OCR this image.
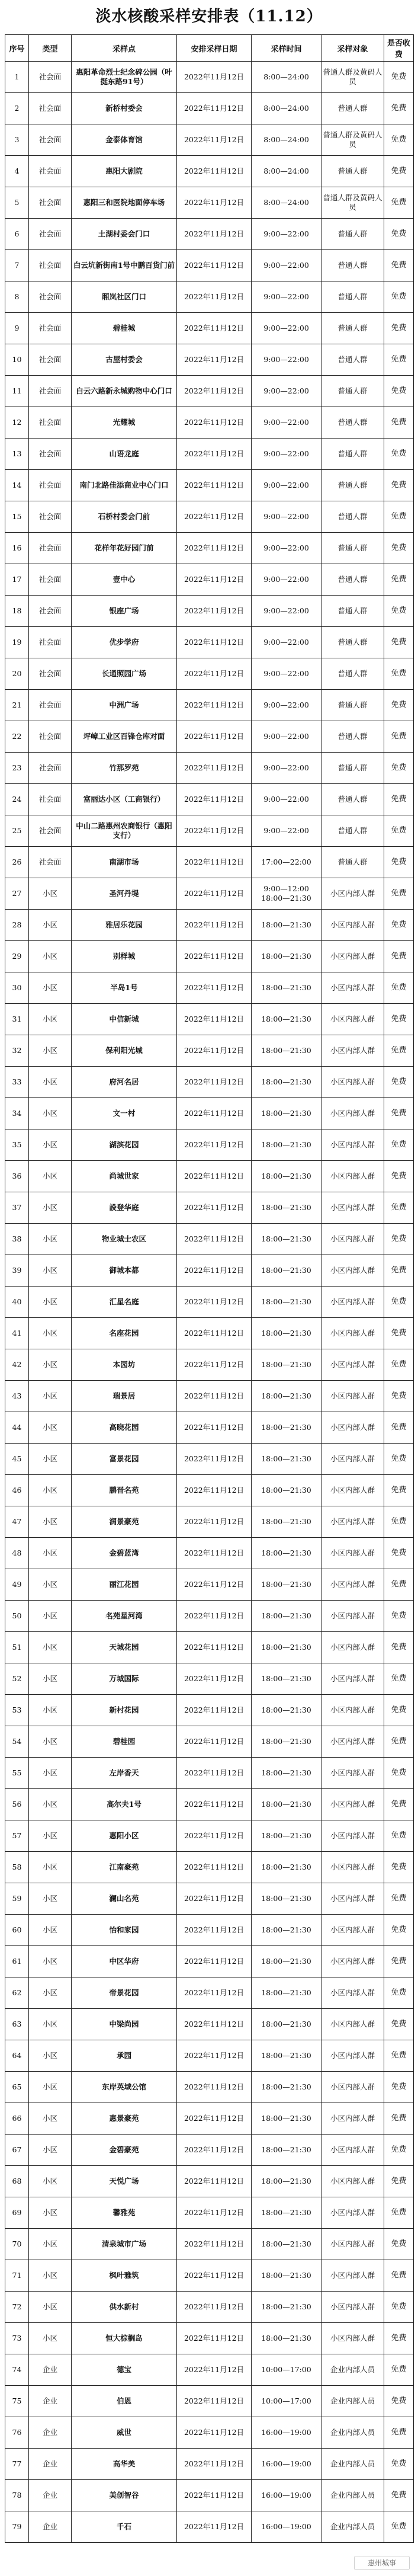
淡水核酸采样安排表（11.12）
序号	类型	采样点	安排采样日期	采样时间	采样对象	是否收费
1	社会面	惠阳革命烈士纪念碑公园（叶挺东路91号）	2022年11月12日	8:00—24:00	普通人群及黄码人员	免费
2	社会面	新桥村委会	2022年11月12日	8:00—24:00	普通人群	免费
3	社会面	金泰体育馆	2022年11月12日	8:00—24:00	普通人群及黄码人员	免费
4	社会面	惠阳大剧院	2022年11月12日	8:00—24:00	普通人群	免费
5	社会面	惠阳三和医院地面停车场	2022年11月12日	8:00—24:00	普通人群及黄码人员	免费
6	社会面	土湖村委会门口	2022年11月12日	9:00—22:00	普通人群	免费
7	社会面	白云坑新街南1号中鹏百货门前	2022年11月12日	9:00—22:00	普通人群	免费
8	社会面	厢岚社区门口	2022年11月12日	9:00—22:00	普通人群	免费
9	社会面	碧桂城	2022年11月12日	9:00—22:00	普通人群	免费
10	社会面	古屋村委会	2022年11月12日	9:00—22:00	普通人群	免费
11	社会面	白云六路新永城购物中心门口	2022年11月12日	9:00—22:00	普通人群	免费
12	社会面	光耀城	2022年11月12日	9:00—22:00	普通人群	免费
13	社会面	山语龙庭	2022年11月12日	9:00—22:00	普通人群	免费
14	社会面	南门北路佳添商业中心门口	2022年11月12日	9:00—22:00	普通人群	免费
15	社会面	石桥村委会门前	2022年11月12日	9:00—22:00	普通人群	免费
16	社会面	花样年花好园门前	2022年11月12日	9:00—22:00	普通人群	免费
17	社会面	壹中心	2022年11月12日	9:00—22:00	普通人群	免费
18	社会面	银座广场	2022年11月12日	9:00—22:00	普通人群	免费
19	社会面	优步学府	2022年11月12日	9:00—22:00	普通人群	免费
20	社会面	长通照园广场	2022年11月12日	9:00—22:00	普通人群	免费
21	社会面	中洲广场	2022年11月12日	9:00—22:00	普通人群	免费
22	社会面	坪嶂工业区百锋仓库对面	2022年11月12日	9:00—22:00	普通人群	免费
23	社会面	竹那罗苑	2022年11月12日	9:00—22:00	普通人群	免费
24	社会面	富丽达小区（工商银行）	2022年11月12日	9:00—22:00	普通人群	免费
25	社会面	中山二路惠州农商银行（惠阳支行）	2022年11月12日	9:00—22:00	普通人群	免费
26	社会面	南湖市场	2022年11月12日	17:00—22:00	普通人群	免费
27	小区	圣河丹堤	2022年11月12日	9:00—12:00 18:00—21:30	小区内部人群	免费
28	小区	雅居乐花园	2022年11月12日	18:00—21:30	小区内部人群	免费
29	小区	别样城	2022年11月12日	18:00—21:30	小区内部人群	免费
30	小区	半岛1号	2022年11月12日	18:00—21:30	小区内部人群	免费
31	小区	中信新城	2022年11月12日	18:00—21:30	小区内部人群	免费
32	小区	保利阳光城	2022年11月12日	18:00—21:30	小区内部人群	免费
33	小区	府河名居	2022年11月12日	18:00—21:30	小区内部人群	免费
34	小区	文一村	2022年11月12日	18:00—21:30	小区内部人群	免费
35	小区	湖滨花园	2022年11月12日	18:00—21:30	小区内部人群	免费
36	小区	尚城世家	2022年11月12日	18:00—21:30	小区内部人群	免费
37	小区	設登华庭	2022年11月12日	18:00—21:30	小区内部人群	免费
38	小区	物业城士农区	2022年11月12日	18:00—21:30	小区内部人群	免费
39	小区	御城本都	2022年11月12日	18:00—21:30	小区内部人群	免费
40	小区	汇星名庭	2022年11月12日	18:00—21:30	小区内部人群	免费
41	小区	名座花园	2022年11月12日	18:00—21:30	小区内部人群	免费
42	小区	本园坊	2022年11月12日	18:00—21:30	小区内部人群	免费
43	小区	瑞景居	2022年11月12日	18:00—21:30	小区内部人群	免费
44	小区	高晓花园	2022年11月12日	18:00—21:30	小区内部人群	免费
45	小区	富景花园	2022年11月12日	18:00—21:30	小区内部人群	免费
46	小区	鹏晋名苑	2022年11月12日	18:00—21:30	小区内部人群	免费
47	小区	润景豪苑	2022年11月12日	18:00—21:30	小区内部人群	免费
48	小区	金碧蓝湾	2022年11月12日	18:00—21:30	小区内部人群	免费
49	小区	丽江花园	2022年11月12日	18:00—21:30	小区内部人群	免费
50	小区	名苑星河湾	2022年11月12日	18:00—21:30	小区内部人群	免费
51	小区	天城花园	2022年11月12日	18:00—21:30	小区内部人群	免费
52	小区	万城国际	2022年11月12日	18:00—21:30	小区内部人群	免费
53	小区	新村花园	2022年11月12日	18:00—21:30	小区内部人群	免费
54	小区	碧桂园	2022年11月12日	18:00—21:30	小区内部人群	免费
55	小区	左岸香天	2022年11月12日	18:00—21:30	小区内部人群	免费
56	小区	高尔夫1号	2022年11月12日	18:00—21:30	小区内部人群	免费
57	小区	惠阳小区	2022年11月12日	18:00—21:30	小区内部人群	免费
58	小区	江南豪苑	2022年11月12日	18:00—21:30	小区内部人群	免费
59	小区	澜山名苑	2022年11月12日	18:00—21:30	小区内部人群	免费
60	小区	怡和家园	2022年11月12日	18:00—21:30	小区内部人群	免费
61	小区	中区华府	2022年11月12日	18:00—21:30	小区内部人群	免费
62	小区	帝景花园	2022年11月12日	18:00—21:30	小区内部人群	免费
63	小区	中梁尚园	2022年11月12日	18:00—21:30	小区内部人群	免费
64	小区	承园	2022年11月12日	18:00—21:30	小区内部人群	免费
65	小区	东岸英域公馆	2022年11月12日	18:00—21:30	小区内部人群	免费
66	小区	惠景豪苑	2022年11月12日	18:00—21:30	小区内部人群	免费
67	小区	金碧豪苑	2022年11月12日	18:00—21:30	小区内部人群	免费
68	小区	天悦广场	2022年11月12日	18:00—21:30	小区内部人群	免费
69	小区	馨雅苑	2022年11月12日	18:00—21:30	小区内部人群	免费
70	小区	清泉城市广场	2022年11月12日	18:00—21:30	小区内部人群	免费
71	小区	枫叶雅筑	2022年11月12日	18:00—21:30	小区内部人群	免费
72	小区	供水新村	2022年11月12日	18:00—21:30	小区内部人群	免费
73	小区	恒大棕榈岛	2022年11月12日	18:00—21:30	小区内部人群	免费
74	企业	德宝	2022年11月12日	10:00—17:00	企业内部人员	免费
75	企业	伯恩	2022年11月12日	10:00—17:00	企业内部人员	免费
76	企业	威世	2022年11月12日	16:00—19:00	企业内部人员	免费
77	企业	高华美	2022年11月12日	16:00—19:00	企业内部人员	免费
78	企业	美创智谷	2022年11月12日	16:00—19:00	企业内部人员	免费
79	企业	千石	2022年11月12日	16:00—19:00	企业内部人员	免费
惠州城事
